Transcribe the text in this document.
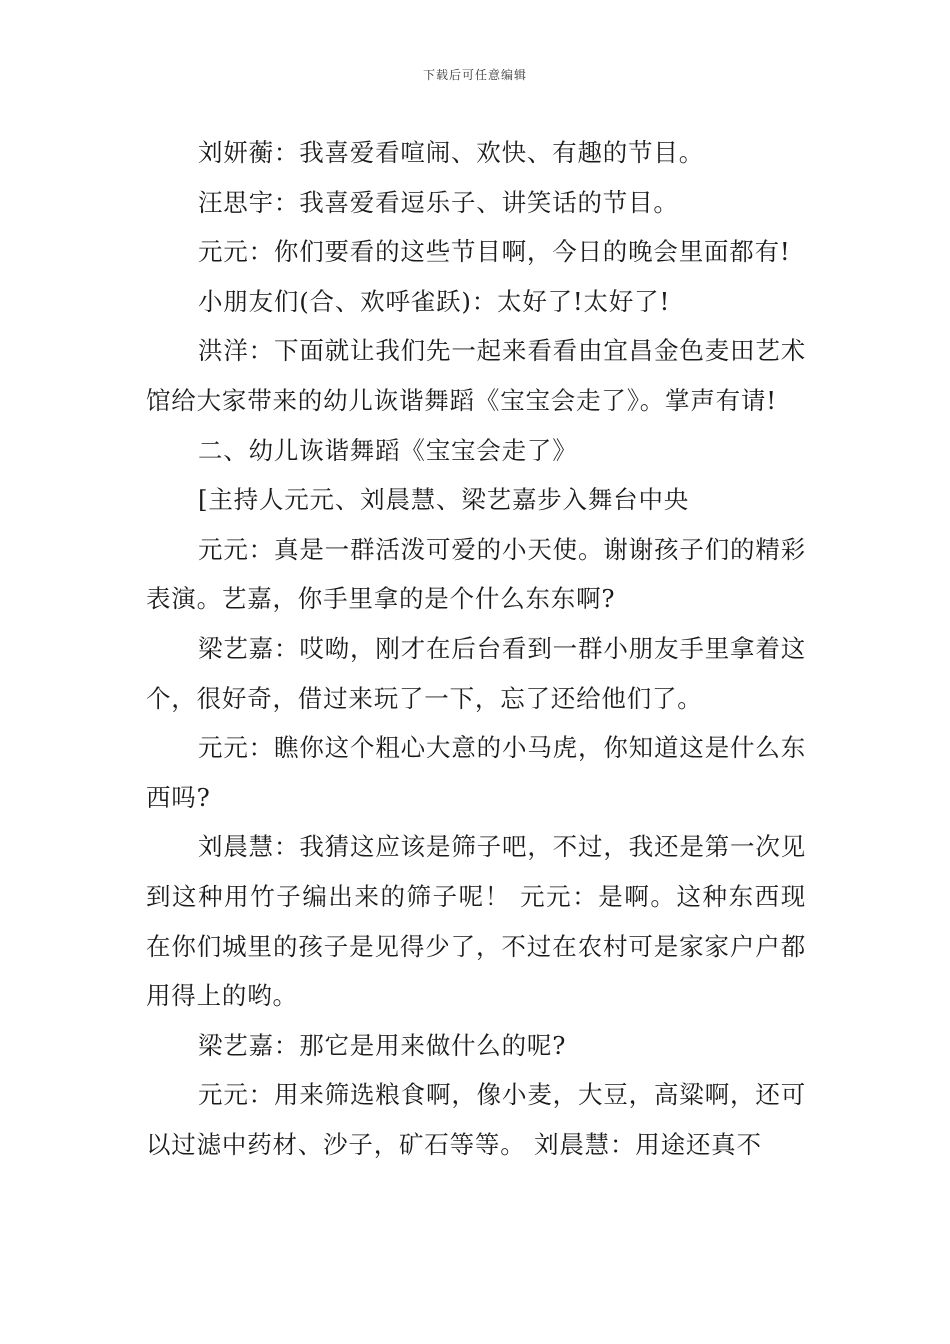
下载后可任意编辑

刘妍蘅：我喜爱看喧闹、欢快、有趣的节目。

汪思宇：我喜爱看逗乐子、讲笑话的节目。

元元：你们要看的这些节目啊，今日的晚会里面都有!

小朋友们(合、欢呼雀跃)：太好了!太好了!

洪洋：下面就让我们先一起来看看由宜昌金色麦田艺术馆给大家带来的幼儿诙谐舞蹈《宝宝会走了》。掌声有请!

二、幼儿诙谐舞蹈《宝宝会走了》

[主持人元元、刘晨慧、梁艺嘉步入舞台中央

元元：真是一群活泼可爱的小天使。谢谢孩子们的精彩表演。艺嘉，你手里拿的是个什么东东啊?

梁艺嘉：哎呦，刚才在后台看到一群小朋友手里拿着这个，很好奇，借过来玩了一下，忘了还给他们了。

元元：瞧你这个粗心大意的小马虎，你知道这是什么东西吗?

刘晨慧：我猜这应该是筛子吧，不过，我还是第一次见到这种用竹子编出来的筛子呢！ 元元：是啊。这种东西现在你们城里的孩子是见得少了，不过在农村可是家家户户都用得上的哟。

梁艺嘉：那它是用来做什么的呢?

元元：用来筛选粮食啊，像小麦，大豆，高粱啊，还可以过滤中药材、沙子，矿石等等。 刘晨慧：用途还真不
